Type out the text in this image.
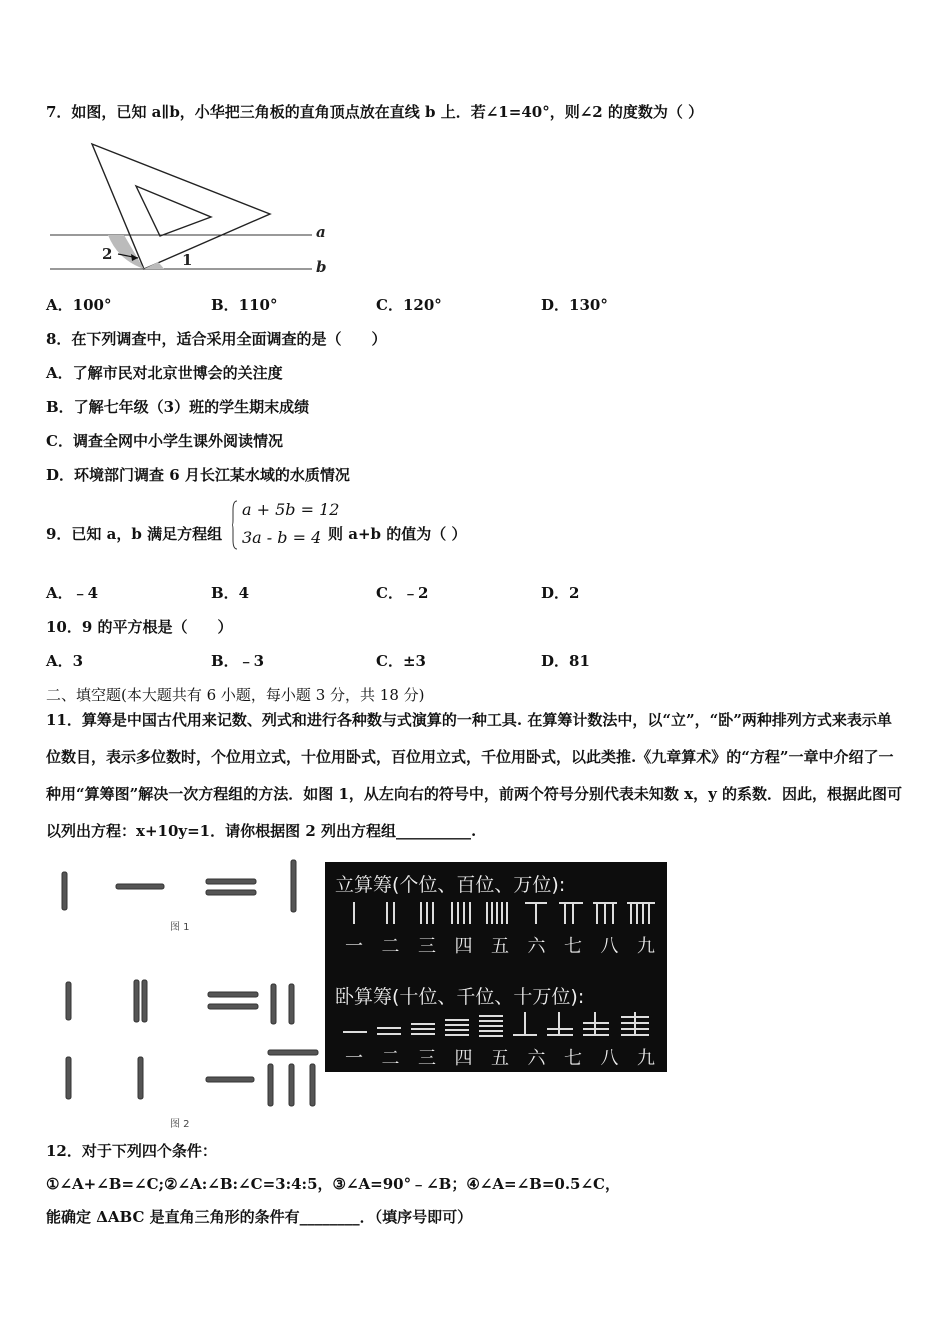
7．如图，已知 a∥b，小华把三角板的直角顶点放在直线 b 上．若∠1=40°，则∠2 的度数为（ ）
a
b
2	1
A．100°	B．110°	C．120°	D．130°
8．在下列调查中，适合采用全面调查的是（　　）
A．了解市民对北京世博会的关注度
B．了解七年级（3）班的学生期末成绩
C．调查全网中小学生课外阅读情况
D．环境部门调查 6 月长江某水域的水质情况
9．已知 a，b 满足方程组
a + 5b = 12
3a - b = 4 则 a+b 的值为（ ）
A．﹣4	B．4	C．﹣2	D．2
10．9 的平方根是（　　）
A．3	B．﹣3	C．±3	D．81
二、填空题(本大题共有 6 小题，每小题 3 分，共 18 分)
11．算筹是中国古代用来记数、列式和进行各种数与式演算的一种工具. 在算筹计数法中，以“立”，“卧”两种排列方式来表示单位数目，表示多位数时，个位用立式，十位用卧式，百位用立式，千位用卧式，以此类推.《九章算术》的“方程”一章中介绍了一种用“算筹图”解决一次方程组的方法．如图 1，从左向右的符号中，前两个符号分别代表未知数 x，y 的系数．因此，根据此图可以列出方程：x+10y=1．请你根据图 2 列出方程组__________.
图 1
图 2
立算筹(个位、百位、万位):
一	二	三	四	五	六	七	八	九
卧算筹(十位、千位、十万位):
一	二	三	四	五	六	七	八	九
12．对于下列四个条件：
①∠A+∠B=∠C;②∠A:∠B:∠C=3:4:5，③∠A=90°﹣∠B；④∠A=∠B=0.5∠C，
能确定 ΔABC 是直角三角形的条件有________．（填序号即可）
